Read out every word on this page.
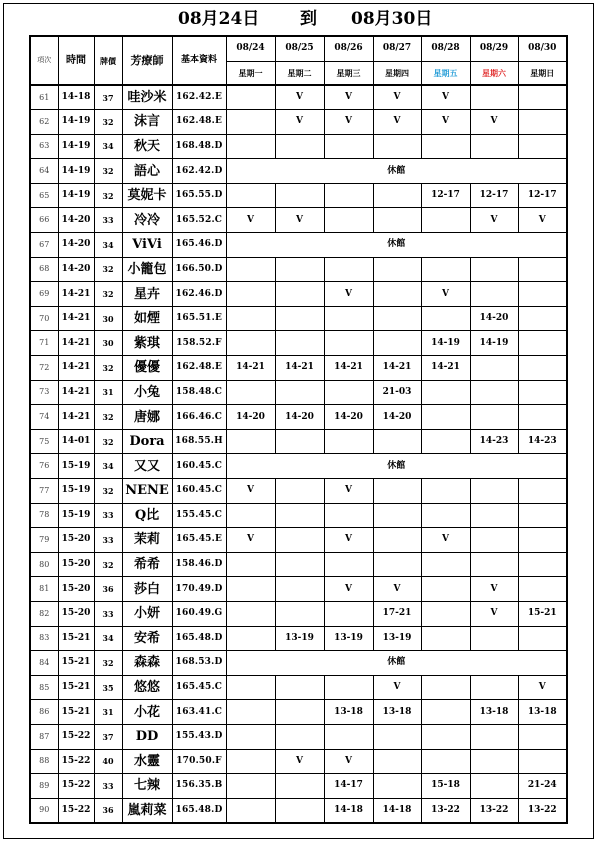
08月24日 到 08月30日
項次	時間	牌價	芳療師	基本資料	08/24	08/25	08/26	08/27	08/28	08/29	08/30
					星期一	星期二	星期三	星期四	星期五	星期六	星期日
61	14-18	37	哇沙米	162.42.E		V	V	V	V		
62	14-19	32	沫言	162.48.E		V	V	V	V	V	
63	14-19	34	秋天	168.48.D							
64	14-19	32	語心	162.42.D	休館						
65	14-19	32	莫妮卡	165.55.D					12-17	12-17	12-17
66	14-20	33	冷冷	165.52.C	V	V				V	V
67	14-20	34	ViVi	165.46.D	休館						
68	14-20	32	小籠包	166.50.D							
69	14-21	32	星卉	162.46.D			V		V		
70	14-21	30	如煙	165.51.E						14-20	
71	14-21	30	紫琪	158.52.F					14-19	14-19	
72	14-21	32	優優	162.48.E	14-21	14-21	14-21	14-21	14-21		
73	14-21	31	小兔	158.48.C				21-03			
74	14-21	32	唐娜	166.46.C	14-20	14-20	14-20	14-20			
75	14-01	32	Dora	168.55.H						14-23	14-23
76	15-19	34	又又	160.45.C	休館						
77	15-19	32	NENE	160.45.C	V		V				
78	15-19	33	Q比	155.45.C							
79	15-20	33	茉莉	165.45.E	V		V		V		
80	15-20	32	希希	158.46.D							
81	15-20	36	莎白	170.49.D			V	V		V	
82	15-20	33	小妍	160.49.G				17-21		V	15-21
83	15-21	34	安希	165.48.D		13-19	13-19	13-19			
84	15-21	32	森森	168.53.D	休館						
85	15-21	35	悠悠	165.45.C				V			V
86	15-21	31	小花	163.41.C			13-18	13-18		13-18	13-18
87	15-22	37	DD	155.43.D							
88	15-22	40	水靈	170.50.F		V	V				
89	15-22	33	七辣	156.35.B			14-17		15-18		21-24
90	15-22	36	嵐莉菜	165.48.D			14-18	14-18	13-22	13-22	13-22
